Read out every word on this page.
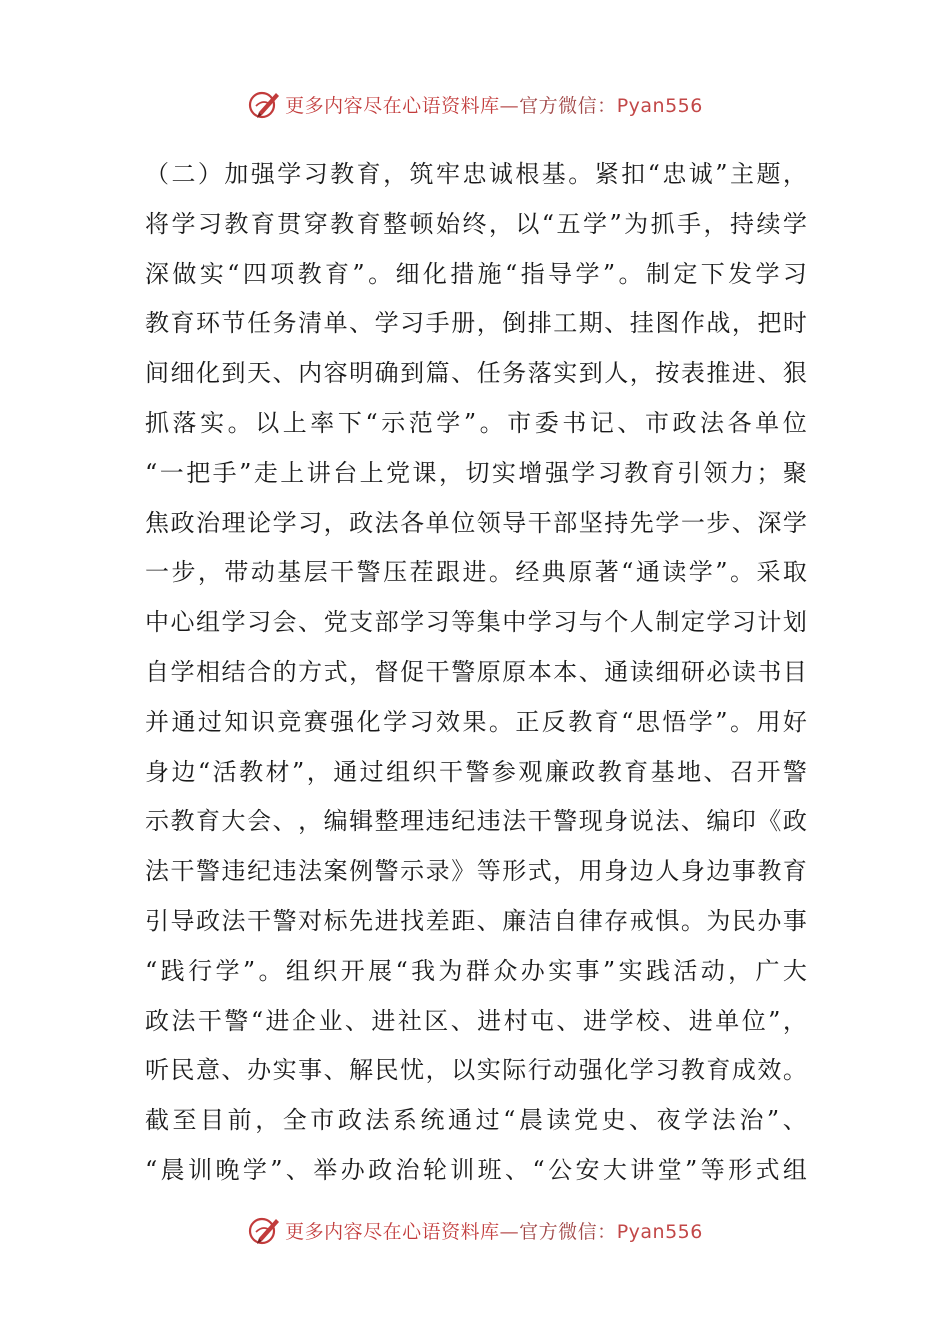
更多内容尽在心语资料库—官方微信：Pyan556
（ 二 ） 加 强 学 习 教 育 ， 筑 牢 忠 诚 根 基 。 紧 扣 “ 忠 诚 ” 主 题 ，
将 学 习 教 育 贯 穿 教 育 整 顿 始 终 ， 以 “ 五 学 ” 为 抓 手 ， 持 续 学
深 做 实 “ 四 项 教 育 ” 。 细 化 措 施 “ 指 导 学 ” 。 制 定 下 发 学 习
教 育 环 节 任 务 清 单 、 学 习 手 册 ， 倒 排 工 期 、 挂 图 作 战 ， 把 时
间 细 化 到 天 、 内 容 明 确 到 篇 、 任 务 落 实 到 人 ， 按 表 推 进 、 狠
抓 落 实 。 以 上 率 下 “ 示 范 学 ” 。 市 委 书 记 、 市 政 法 各 单 位
“ 一 把 手 ” 走 上 讲 台 上 党 课 ， 切 实 增 强 学 习 教 育 引 领 力 ； 聚
焦 政 治 理 论 学 习 ， 政 法 各 单 位 领 导 干 部 坚 持 先 学 一 步 、 深 学
一 步 ， 带 动 基 层 干 警 压 茬 跟 进 。 经 典 原 著 “ 通 读 学 ” 。 采 取
中 心 组 学 习 会 、 党 支 部 学 习 等 集 中 学 习 与 个 人 制 定 学 习 计 划
自 学 相 结 合 的 方 式 ， 督 促 干 警 原 原 本 本 、 通 读 细 研 必 读 书 目
并 通 过 知 识 竞 赛 强 化 学 习 效 果 。 正 反 教 育 “ 思 悟 学 ” 。 用 好
身 边 “ 活 教 材 ” ， 通 过 组 织 干 警 参 观 廉 政 教 育 基 地 、 召 开 警
示 教 育 大 会 、 ， 编 辑 整 理 违 纪 违 法 干 警 现 身 说 法 、 编 印 《 政
法 干 警 违 纪 违 法 案 例 警 示 录 》 等 形 式 ， 用 身 边 人 身 边 事 教 育
引 导 政 法 干 警 对 标 先 进 找 差 距 、 廉 洁 自 律 存 戒 惧 。 为 民 办 事
“ 践 行 学 ” 。 组 织 开 展 “ 我 为 群 众 办 实 事 ” 实 践 活 动 ， 广 大
政 法 干 警 “ 进 企 业 、 进 社 区 、 进 村 屯 、 进 学 校 、 进 单 位 ” ，
听 民 意 、 办 实 事 、 解 民 忧 ， 以 实 际 行 动 强 化 学 习 教 育 成 效 。
截 至 目 前 ， 全 市 政 法 系 统 通 过 “ 晨 读 党 史 、 夜 学 法 治 ” 、
“ 晨 训 晚 学 ” 、 举 办 政 治 轮 训 班 、 “ 公 安 大 讲 堂 ” 等 形 式 组
更多内容尽在心语资料库—官方微信：Pyan556
